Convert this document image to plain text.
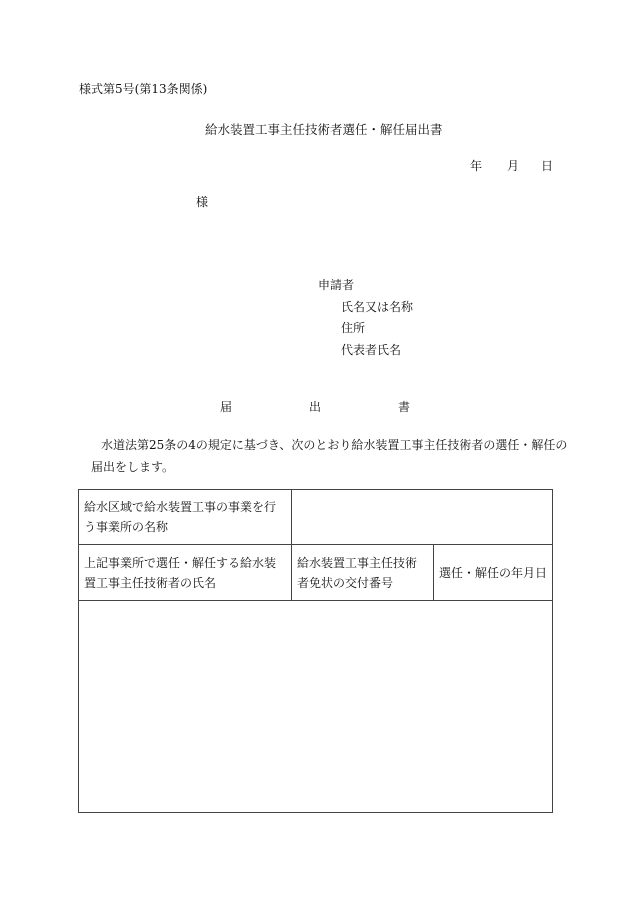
様式第5号(第13条関係)
給水装置工事主任技術者選任・解任届出書
年 月 日
様
申請者
氏名又は名称
住所
代表者氏名
届	出	書
水道法第25条の4の規定に基づき、次のとおり給水装置工事主任技術者の選任・解任の
届出をします。
給水区域で給水装置工事の事業を行う事業所の名称		
上記事業所で選任・解任する給水装置工事主任技術者の氏名	給水装置工事主任技術者免状の交付番号	選任・解任の年月日
